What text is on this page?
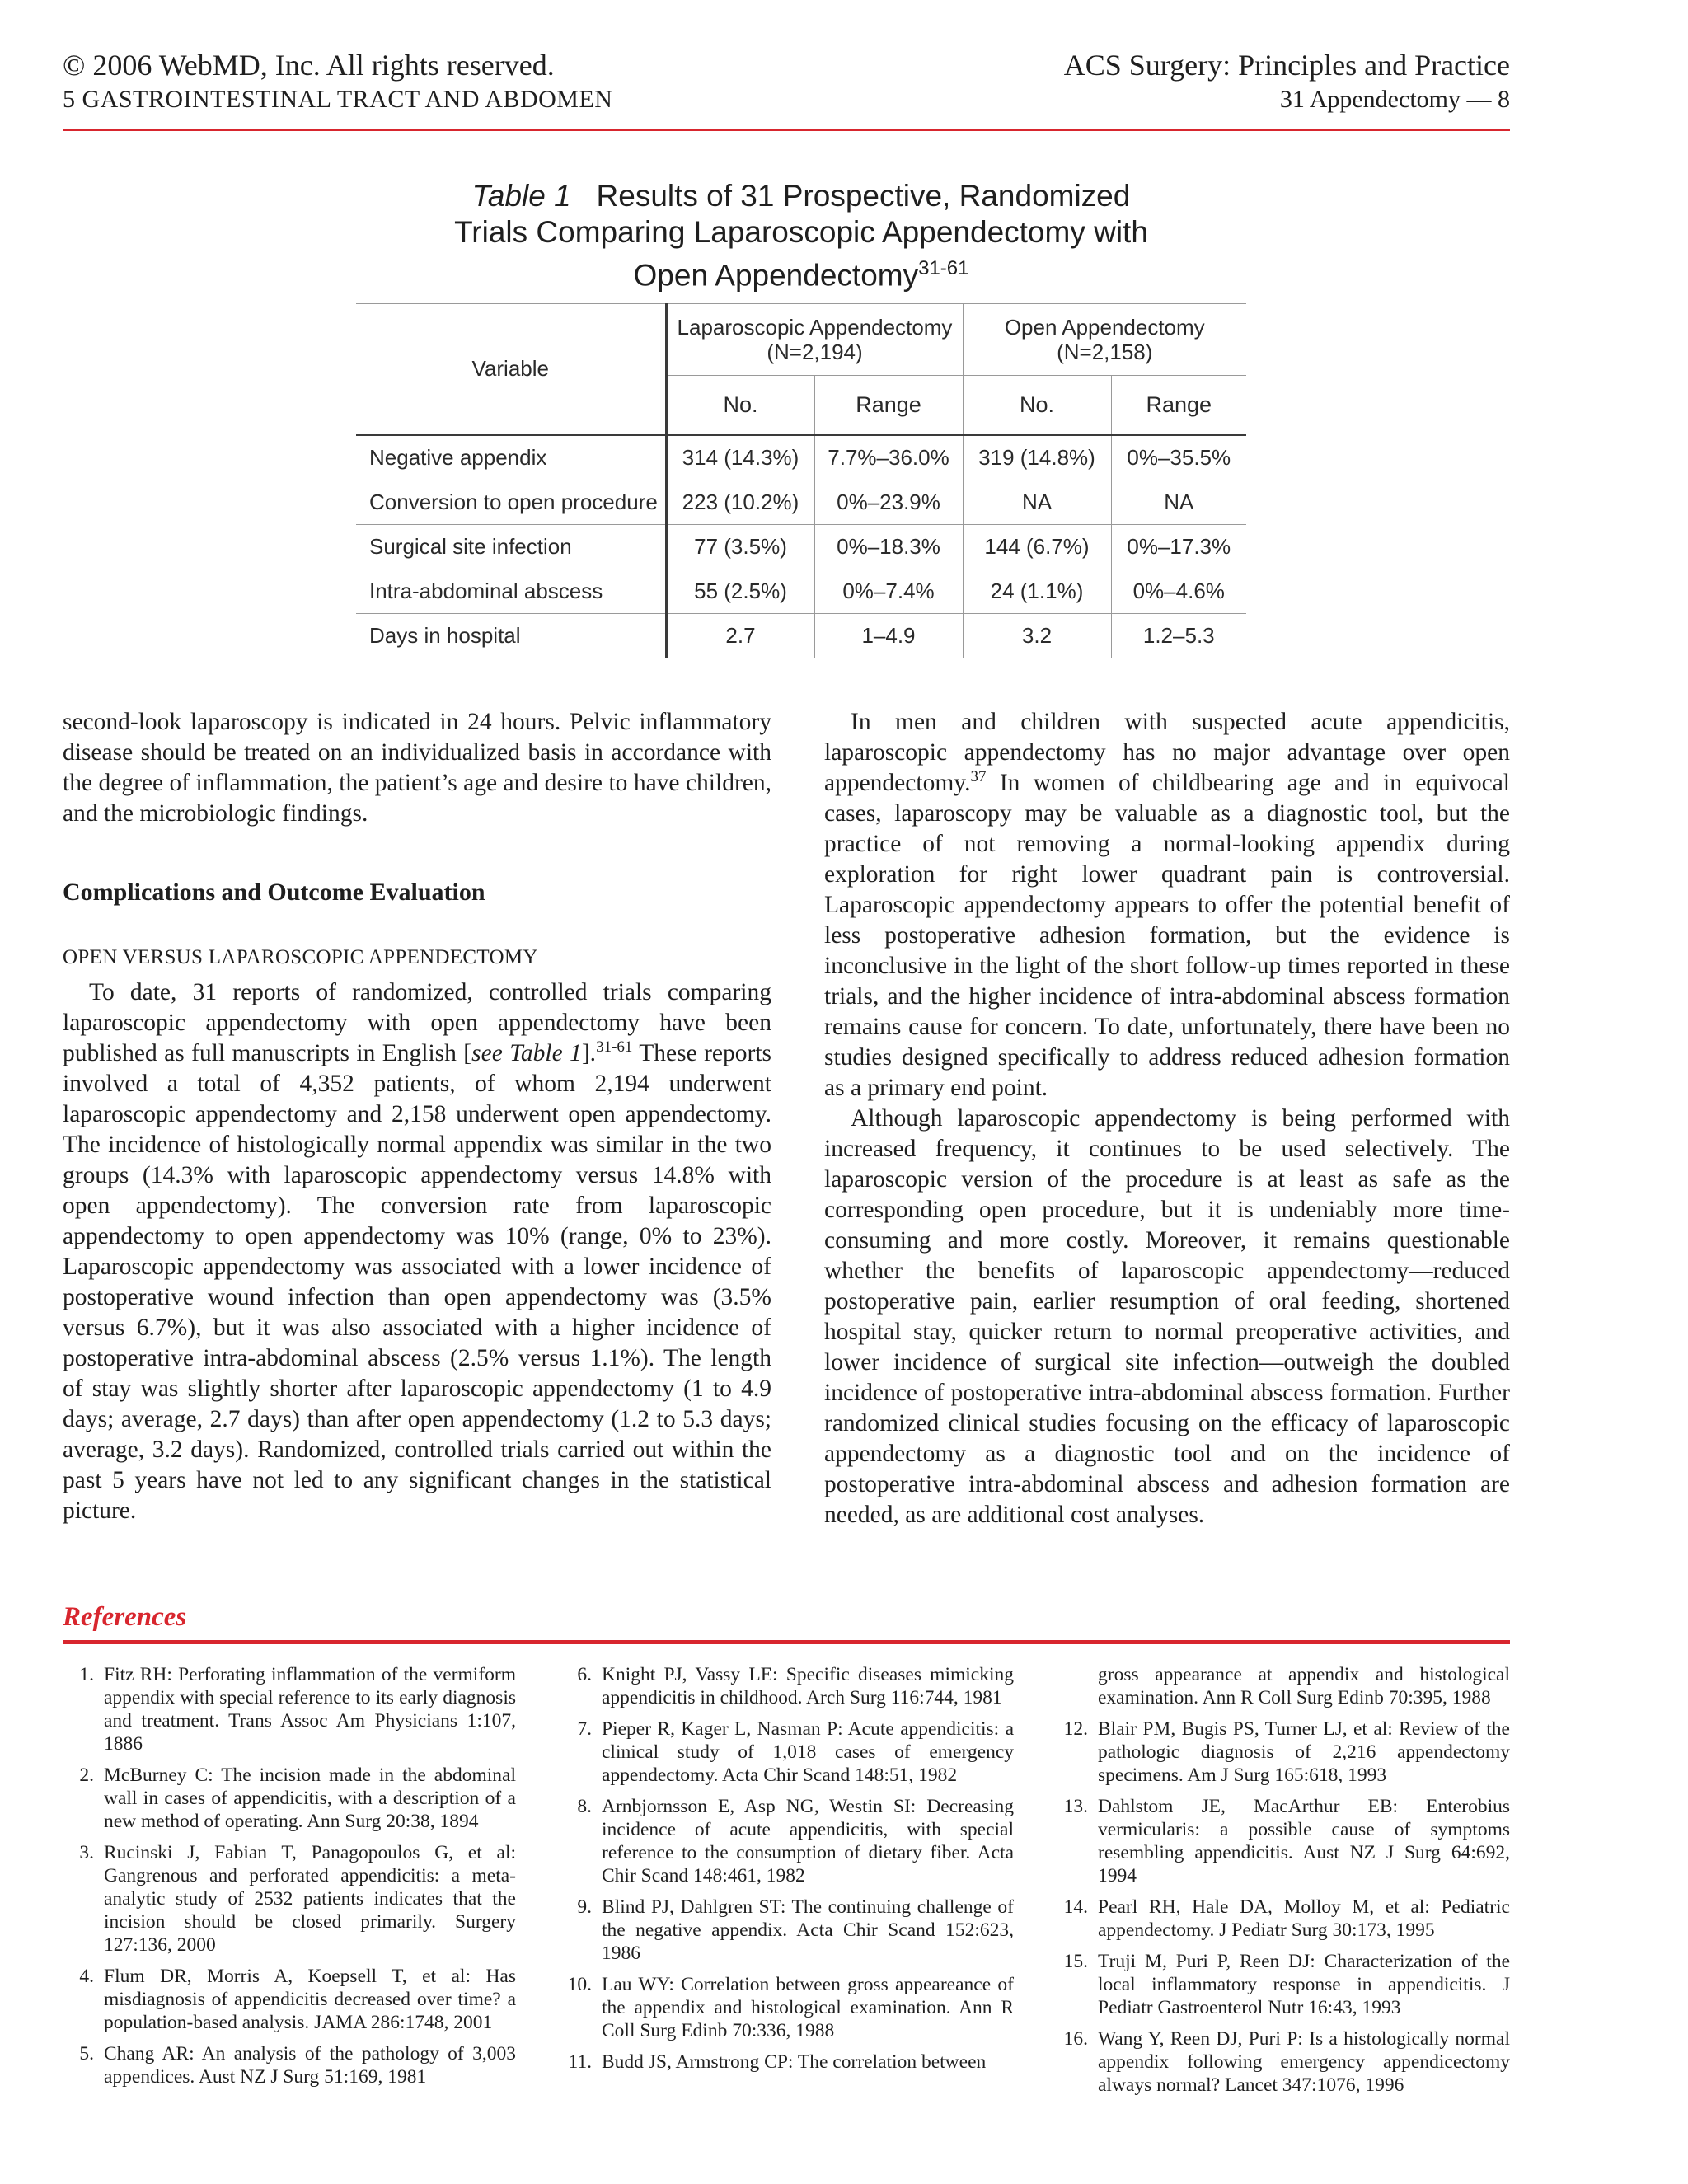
© 2006 WebMD, Inc. All rights reserved.
5 GASTROINTESTINAL TRACT AND ABDOMEN
ACS Surgery: Principles and Practice
31 Appendectomy — 8
Table 1 Results of 31 Prospective, Randomized
Trials Comparing Laparoscopic Appendectomy with
Open Appendectomy$^{31-61}$
Variable	Laparoscopic Appendectomy
(N=2,194)		Open Appendectomy
(N=2,158)	
	No.	Range	No.	Range
Negative appendix	314 (14.3%)	7.7%–36.0%	319 (14.8%)	0%–35.5%
Conversion to open procedure	223 (10.2%)	0%–23.9%	NA	NA
Surgical site infection	77 (3.5%)	0%–18.3%	144 (6.7%)	0%–17.3%
Intra-abdominal abscess	55 (2.5%)	0%–7.4%	24 (1.1%)	0%–4.6%
Days in hospital	2.7	1–4.9	3.2	1.2–5.3

second-look laparoscopy is indicated in 24 hours. Pelvic inflammatory disease should be treated on an individualized basis in accordance with the degree of inflammation, the patient’s age and desire to have children, and the microbiologic findings.

Complications and Outcome Evaluation
OPEN VERSUS LAPAROSCOPIC APPENDECTOMY

To date, 31 reports of randomized, controlled trials comparing laparoscopic appendectomy with open appendectomy have been published as full manuscripts in English [see Table 1].$^{31-61}$ These reports involved a total of 4,352 patients, of whom 2,194 underwent laparoscopic appendectomy and 2,158 underwent open appendectomy. The incidence of histologically normal appendix was similar in the two groups (14.3% with laparoscopic appendectomy versus 14.8% with open appendectomy). The conversion rate from laparoscopic appendectomy to open appendectomy was 10% (range, 0% to 23%). Laparoscopic appendectomy was associated with a lower incidence of postoperative wound infection than open appendectomy was (3.5% versus 6.7%), but it was also associated with a higher incidence of postoperative intra-abdominal abscess (2.5% versus 1.1%). The length of stay was slightly shorter after laparoscopic appendectomy (1 to 4.9 days; average, 2.7 days) than after open appendectomy (1.2 to 5.3 days; average, 3.2 days). Randomized, controlled trials carried out within the past 5 years have not led to any significant changes in the statistical picture.

In men and children with suspected acute appendicitis, laparoscopic appendectomy has no major advantage over open appendectomy.$^{37}$ In women of childbearing age and in equivocal cases, laparoscopy may be valuable as a diagnostic tool, but the practice of not removing a normal-looking appendix during exploration for right lower quadrant pain is controversial. Laparoscopic appendectomy appears to offer the potential benefit of less postoperative adhesion formation, but the evidence is inconclusive in the light of the short follow-up times reported in these trials, and the higher incidence of intra-abdominal abscess formation remains cause for concern. To date, unfortunately, there have been no studies designed specifically to address reduced adhesion formation as a primary end point.

Although laparoscopic appendectomy is being performed with increased frequency, it continues to be used selectively. The laparoscopic version of the procedure is at least as safe as the corresponding open procedure, but it is undeniably more time-consuming and more costly. Moreover, it remains questionable whether the benefits of laparoscopic appendectomy—reduced postoperative pain, earlier resumption of oral feeding, shortened hospital stay, quicker return to normal preoperative activities, and lower incidence of surgical site infection—outweigh the doubled incidence of postoperative intra-abdominal abscess formation. Further randomized clinical studies focusing on the efficacy of laparoscopic appendectomy as a diagnostic tool and on the incidence of postoperative intra-abdominal abscess and adhesion formation are needed, as are additional cost analyses.

References
1. Fitz RH: Perforating inflammation of the vermiform appendix with special reference to its early diagnosis and treatment. Trans Assoc Am Physicians 1:107, 1886
2. McBurney C: The incision made in the abdominal wall in cases of appendicitis, with a description of a new method of operating. Ann Surg 20:38, 1894
3. Rucinski J, Fabian T, Panagopoulos G, et al: Gangrenous and perforated appendicitis: a meta-analytic study of 2532 patients indicates that the incision should be closed primarily. Surgery 127:136, 2000
4. Flum DR, Morris A, Koepsell T, et al: Has misdiagnosis of appendicitis decreased over time? a population-based analysis. JAMA 286:1748, 2001
5. Chang AR: An analysis of the pathology of 3,003 appendices. Aust NZ J Surg 51:169, 1981
6. Knight PJ, Vassy LE: Specific diseases mimicking appendicitis in childhood. Arch Surg 116:744, 1981
7. Pieper R, Kager L, Nasman P: Acute appendicitis: a clinical study of 1,018 cases of emergency appendectomy. Acta Chir Scand 148:51, 1982
8. Arnbjornsson E, Asp NG, Westin SI: Decreasing incidence of acute appendicitis, with special reference to the consumption of dietary fiber. Acta Chir Scand 148:461, 1982
9. Blind PJ, Dahlgren ST: The continuing challenge of the negative appendix. Acta Chir Scand 152:623, 1986
10. Lau WY: Correlation between gross appeareance of the appendix and histological examination. Ann R Coll Surg Edinb 70:336, 1988
11. Budd JS, Armstrong CP: The correlation between
gross appearance at appendix and histological examination. Ann R Coll Surg Edinb 70:395, 1988
12. Blair PM, Bugis PS, Turner LJ, et al: Review of the pathologic diagnosis of 2,216 appendectomy specimens. Am J Surg 165:618, 1993
13. Dahlstom JE, MacArthur EB: Enterobius vermicularis: a possible cause of symptoms resembling appendicitis. Aust NZ J Surg 64:692, 1994
14. Pearl RH, Hale DA, Molloy M, et al: Pediatric appendectomy. J Pediatr Surg 30:173, 1995
15. Truji M, Puri P, Reen DJ: Characterization of the local inflammatory response in appendicitis. J Pediatr Gastroenterol Nutr 16:43, 1993
16. Wang Y, Reen DJ, Puri P: Is a histologically normal appendix following emergency appendicectomy always normal? Lancet 347:1076, 1996
